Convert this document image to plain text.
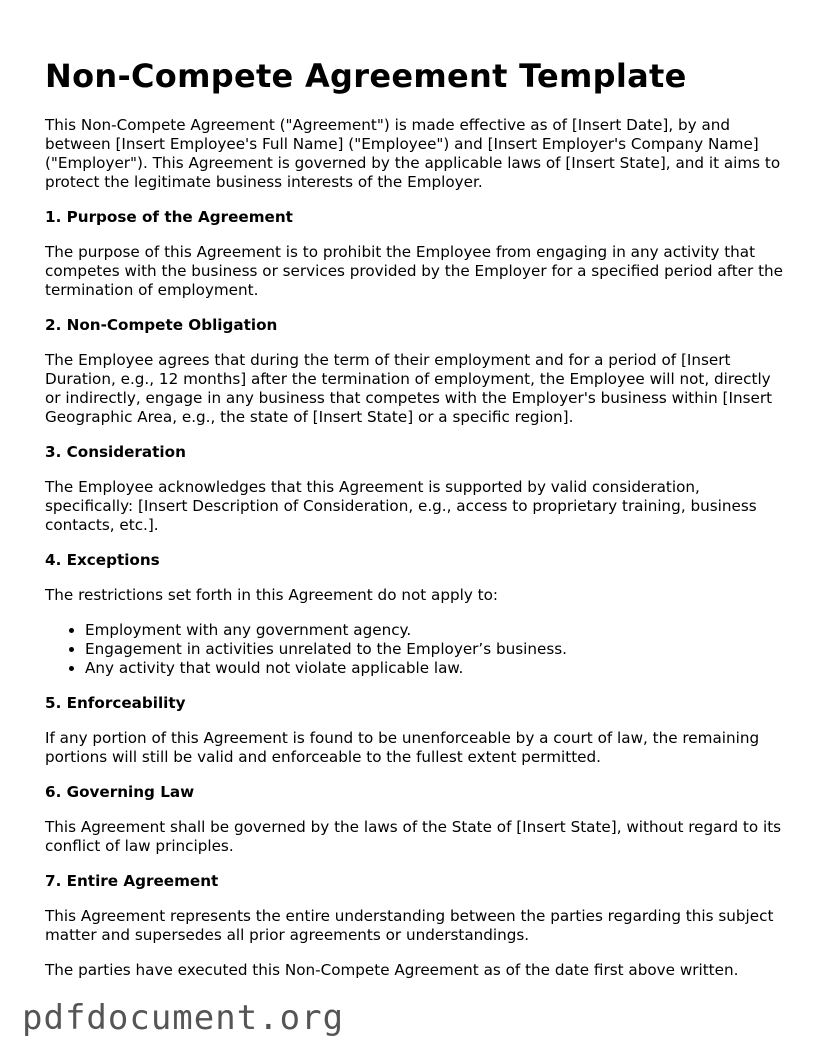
Non-Compete Agreement Template

This Non-Compete Agreement ("Agreement") is made effective as of [Insert Date], by and between [Insert Employee's Full Name] ("Employee") and [Insert Employer's Company Name] ("Employer"). This Agreement is governed by the applicable laws of [Insert State], and it aims to protect the legitimate business interests of the Employer.

1. Purpose of the Agreement

The purpose of this Agreement is to prohibit the Employee from engaging in any activity that competes with the business or services provided by the Employer for a specified period after the termination of employment.

2. Non-Compete Obligation

The Employee agrees that during the term of their employment and for a period of [Insert Duration, e.g., 12 months] after the termination of employment, the Employee will not, directly or indirectly, engage in any business that competes with the Employer's business within [Insert Geographic Area, e.g., the state of [Insert State] or a specific region].

3. Consideration

The Employee acknowledges that this Agreement is supported by valid consideration, specifically: [Insert Description of Consideration, e.g., access to proprietary training, business contacts, etc.].

4. Exceptions

The restrictions set forth in this Agreement do not apply to:

• Employment with any government agency.
• Engagement in activities unrelated to the Employer’s business.
• Any activity that would not violate applicable law.
5. Enforceability

If any portion of this Agreement is found to be unenforceable by a court of law, the remaining portions will still be valid and enforceable to the fullest extent permitted.

6. Governing Law

This Agreement shall be governed by the laws of the State of [Insert State], without regard to its conflict of law principles.

7. Entire Agreement

This Agreement represents the entire understanding between the parties regarding this subject matter and supersedes all prior agreements or understandings.

The parties have executed this Non-Compete Agreement as of the date first above written.

pdfdocument.org
